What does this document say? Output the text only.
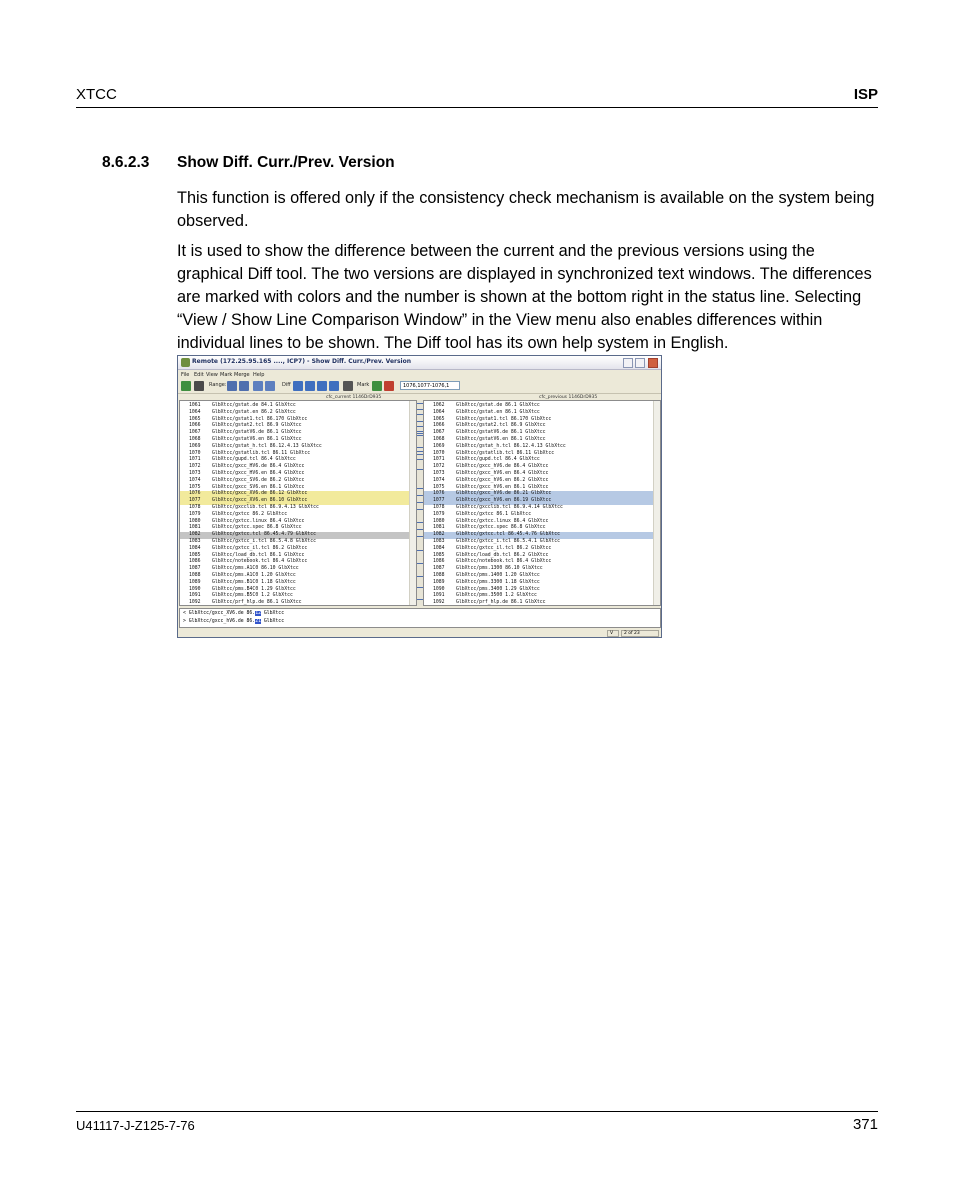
XTCC	ISP
8.6.2.3 Show Diff. Curr./Prev. Version

This function is offered only if the consistency check mechanism is available on the system being observed.

It is used to show the difference between the current and the previous versions using the graphical Diff tool. The two versions are displayed in synchronized text windows. The differences are marked with colors and the number is shown at the bottom right in the status line. Selecting “View / Show Line Comparison Window” in the View menu also enables differences within individual lines to be shown. The Diff tool has its own help system in English.

Remote (172.25.95.165 ...., ICP7) - Show Diff. Curr./Prev. Version
File Edit View Mark Merge Help
Range:	Diff	Mark	1076,1077-1076,1
cfc_current 1146DrD935	cfc_previous 1146DrD935
1061 GlbXtcc/gstat.de 84.1 GlbXtcc
1064 GlbXtcc/gstat.en 86.2 GlbXtcc
1065 GlbXtcc/gstat1.tcl 86.170 GlbXtcc
1066 GlbXtcc/gstat2.tcl 86.9 GlbXtcc
1067 GlbXtcc/gstatV6.de 86.1 GlbXtcc
1068 GlbXtcc/gstatV6.en 86.1 GlbXtcc
1069 GlbXtcc/gstat_h.tcl 86.12.4.13 GlbXtcc
1070 GlbXtcc/gstatlib.tcl 86.11 GlbXtcc
1071 GlbXtcc/gupd.tcl 86.4 GlbXtcc
1072 GlbXtcc/gxcc_HV6.de 86.4 GlbXtcc
1073 GlbXtcc/gxcc_HV6.en 86.4 GlbXtcc
1074 GlbXtcc/gxcc_SV6.de 86.2 GlbXtcc
1075 GlbXtcc/gxcc_SV6.en 86.1 GlbXtcc
1076 GlbXtcc/gxcc_XV6.de 86.12 GlbXtcc
1077 GlbXtcc/gxcc_XV6.en 86.10 GlbXtcc
1078 GlbXtcc/gxcclib.tcl 86.9.4.13 GlbXtcc
1079 GlbXtcc/gxtcc 86.2 GlbXtcc
1080 GlbXtcc/gxtcc.linux 86.4 GlbXtcc
1081 GlbXtcc/gxtcc.spec 86.8 GlbXtcc
1082 GlbXtcc/gxtcc.tcl 86.45.4.79 GlbXtcc
1083 GlbXtcc/gxtcc_i.tcl 86.5.4.8 GlbXtcc
1084 GlbXtcc/gxtcc_il.tcl 86.2 GlbXtcc
1085 GlbXtcc/load_db.tcl 86.1 GlbXtcc
1086 GlbXtcc/notebook.tcl 86.4 GlbXtcc
1087 GlbXtcc/pms.A1C0 86.10 GlbXtcc
1088 GlbXtcc/pms.A1C0 1.20 GlbXtcc
1089 GlbXtcc/pms.B1C0 1.18 GlbXtcc
1090 GlbXtcc/pms.B4C0 1.29 GlbXtcc
1091 GlbXtcc/pms.B5C0 1.2 GlbXtcc
1092 GlbXtcc/prf_hlp.de 86.1 GlbXtcc
1062 GlbXtcc/gstat.de 86.1 GlbXtcc
1064 GlbXtcc/gstat.en 86.1 GlbXtcc
1065 GlbXtcc/gstat1.tcl 86.170 GlbXtcc
1066 GlbXtcc/gstat2.tcl 86.9 GlbXtcc
1067 GlbXtcc/gstatV6.de 86.1 GlbXtcc
1068 GlbXtcc/gstatV6.en 86.1 GlbXtcc
1069 GlbXtcc/gstat_h.tcl 86.12.4.13 GlbXtcc
1070 GlbXtcc/gstatlib.tcl 86.11 GlbXtcc
1071 GlbXtcc/gupd.tcl 86.4 GlbXtcc
1072 GlbXtcc/gxcc_hV6.de 86.4 GlbXtcc
1073 GlbXtcc/gxcc_hV6.en 86.4 GlbXtcc
1074 GlbXtcc/gxcc_hV6.en 86.2 GlbXtcc
1075 GlbXtcc/gxcc_hV6.en 86.1 GlbXtcc
1076 GlbXtcc/gxcc_hV6.de 86.21 GlbXtcc
1077 GlbXtcc/gxcc_hV6.en 86.19 GlbXtcc
1078 GlbXtcc/gxcclib.tcl 86.9.4.14 GlbXtcc
1079 GlbXtcc/gxtcc 86.1 GlbXtcc
1080 GlbXtcc/gxtcc.linux 86.4 GlbXtcc
1081 GlbXtcc/gxtcc.spec 86.8 GlbXtcc
1082 GlbXtcc/gxtcc.tcl 86.45.4.76 GlbXtcc
1083 GlbXtcc/gxtcc_i.tcl 86.5.4.1 GlbXtcc
1084 GlbXtcc/gxtcc_il.tcl 86.2 GlbXtcc
1085 GlbXtcc/load_db.tcl 86.2 GlbXtcc
1086 GlbXtcc/notebook.tcl 86.4 GlbXtcc
1087 GlbXtcc/pms.1300 86.10 GlbXtcc
1088 GlbXtcc/pms.1400 1.20 GlbXtcc
1089 GlbXtcc/pms.3300 1.18 GlbXtcc
1090 GlbXtcc/pms.3400 1.29 GlbXtcc
1091 GlbXtcc/pms.3500 1.2 GlbXtcc
1092 GlbXtcc/prf_hlp.de 86.1 GlbXtcc
< GlbXtcc/gxcc_XV6.de 86.12 GlbXtcc
> GlbXtcc/gxcc_hV6.de 86.21 GlbXtcc
V	2 of 23
U41117-J-Z125-7-76	371
